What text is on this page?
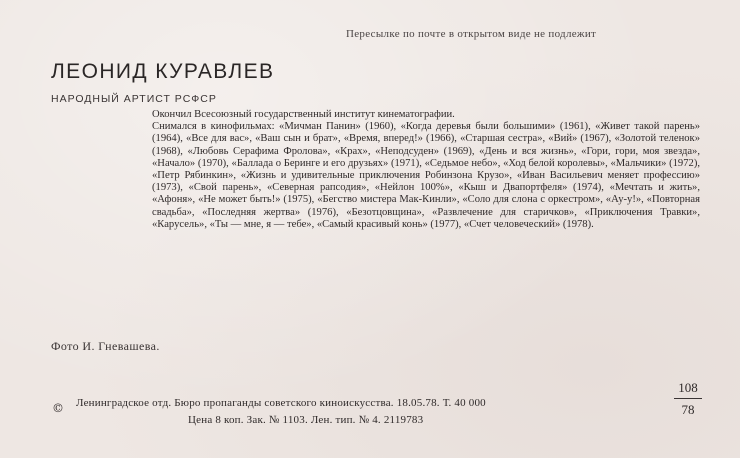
Пересылке по почте в открытом виде не подлежит
ЛЕОНИД КУРАВЛЕВ
НАРОДНЫЙ АРТИСТ РСФСР

Окончил Всесоюзный государственный институт кинематографии.

Снимался в кинофильмах: «Мичман Панин» (1960), «Когда деревья были большими» (1961), «Живет такой парень» (1964), «Все для вас», «Ваш сын и брат», «Время, вперед!» (1966), «Старшая сестра», «Вий» (1967), «Золотой теленок» (1968), «Любовь Серафима Фролова», «Крах», «Неподсуден» (1969), «День и вся жизнь», «Гори, гори, моя звезда», «Начало» (1970), «Баллада о Беринге и его друзьях» (1971), «Седьмое небо», «Ход белой королевы», «Мальчики» (1972), «Петр Рябинкин», «Жизнь и удивительные приключения Робинзона Крузо», «Иван Васильевич меняет профессию» (1973), «Свой парень», «Северная рапсодия», «Нейлон 100%», «Кыш и Двапортфеля» (1974), «Мечтать и жить», «Афоня», «Не может быть!» (1975), «Бегство мистера Мак-Кинли», «Соло для слона с оркестром», «Ау-у!», «Повторная свадьба», «Последняя жертва» (1976), «Безотцовщина», «Развлечение для старичков», «Приключения Травки», «Карусель», «Ты — мне, я — тебе», «Самый красивый конь» (1977), «Счет человеческий» (1978).

Фото И. Гневашева.
© Ленинградское отд. Бюро пропаганды советского киноискусства. 18.05.78. Т. 40 000
Цена 8 коп. Зак. № 1103. Лен. тип. № 4. 2119783
108
78
